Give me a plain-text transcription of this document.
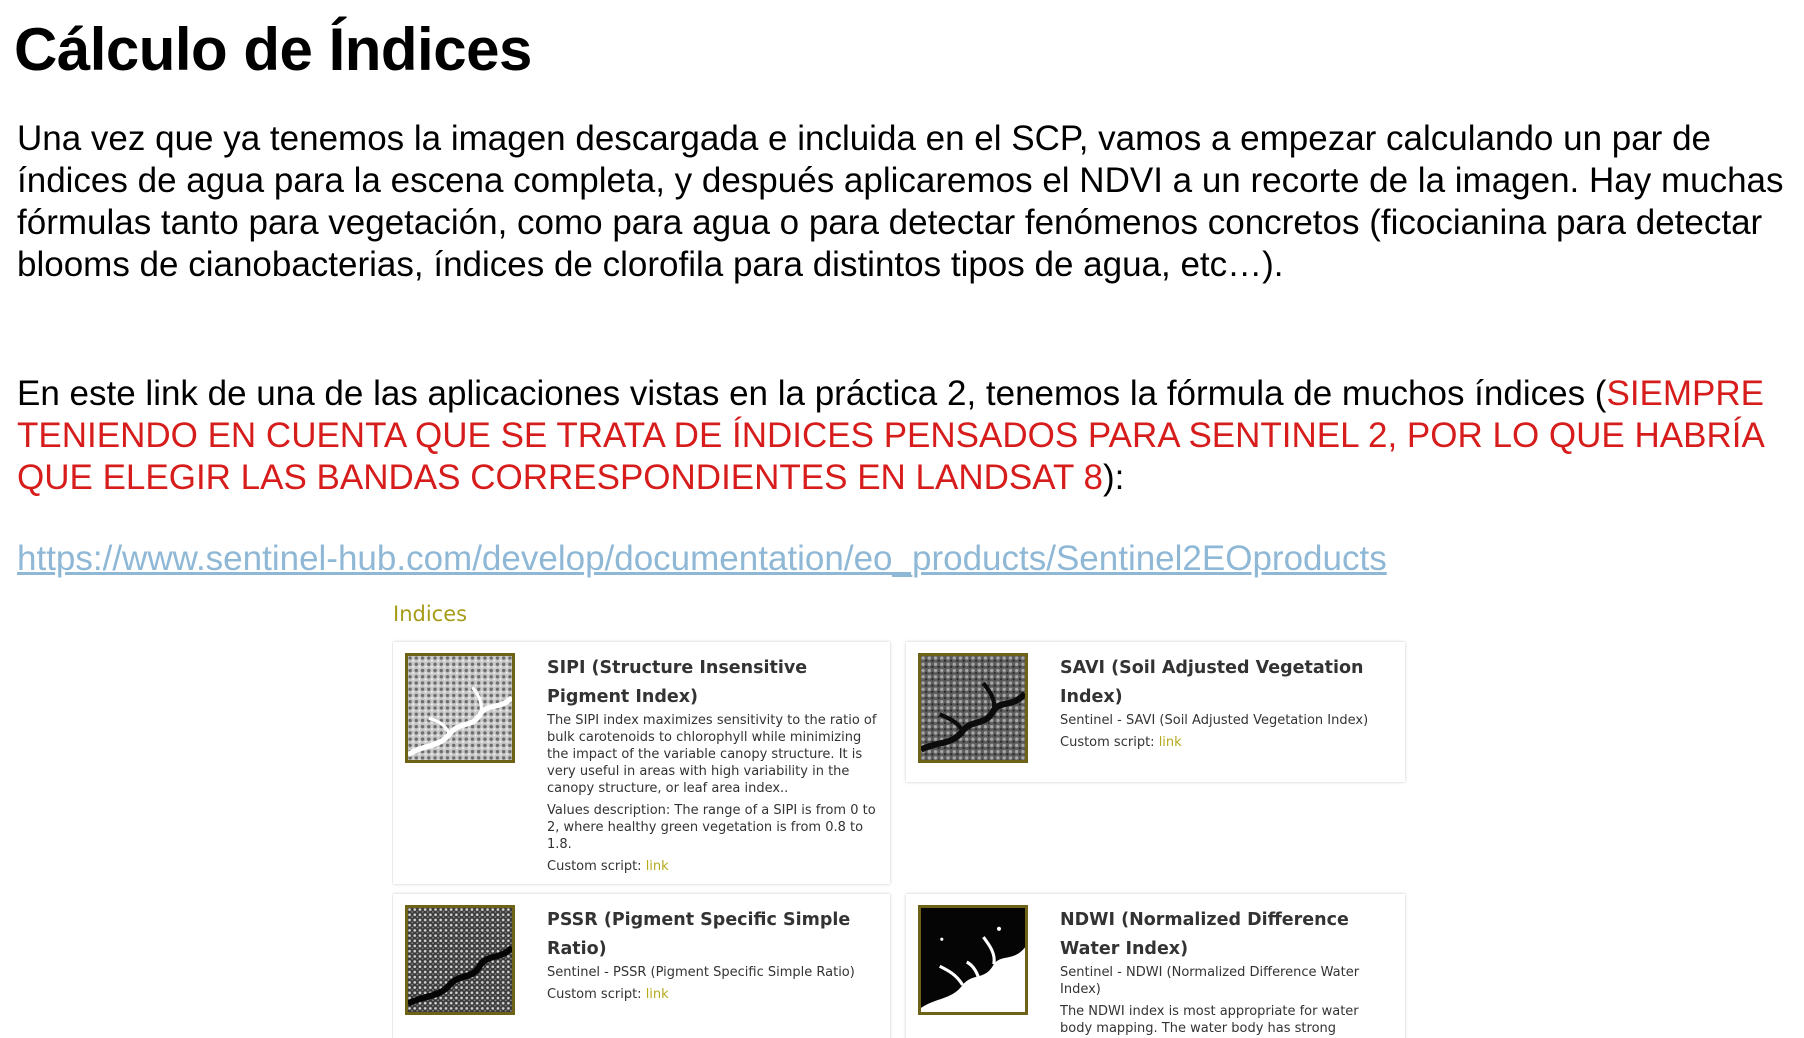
Cálculo de Índices

Una vez que ya tenemos la imagen descargada e incluida en el SCP, vamos a empezar calculando un par de índices de agua para la escena completa, y después aplicaremos el NDVI a un recorte de la imagen. Hay muchas fórmulas tanto para vegetación, como para agua o para detectar fenómenos concretos (ficocianina para detectar blooms de cianobacterias, índices de clorofila para distintos tipos de agua, etc…).

En este link de una de las aplicaciones vistas en la práctica 2, tenemos la fórmula de muchos índices (SIEMPRE TENIENDO EN CUENTA QUE SE TRATA DE ÍNDICES PENSADOS PARA SENTINEL 2, POR LO QUE HABRÍA QUE ELEGIR LAS BANDAS CORRESPONDIENTES EN LANDSAT 8):

https://www.sentinel-hub.com/develop/documentation/eo_products/Sentinel2EOproducts
Indices

SIPI (Structure Insensitive Pigment Index)

The SIPI index maximizes sensitivity to the ratio of bulk carotenoids to chlorophyll while minimizing the impact of the variable canopy structure. It is very useful in areas with high variability in the canopy structure, or leaf area index..

Values description: The range of a SIPI is from 0 to 2, where healthy green vegetation is from 0.8 to 1.8.

Custom script: link

SAVI (Soil Adjusted Vegetation Index)

Sentinel - SAVI (Soil Adjusted Vegetation Index)

Custom script: link

PSSR (Pigment Specific Simple Ratio)

Sentinel - PSSR (Pigment Specific Simple Ratio)

Custom script: link

NDWI (Normalized Difference Water Index)

Sentinel - NDWI (Normalized Difference Water Index)

The NDWI index is most appropriate for water body mapping. The water body has strong
